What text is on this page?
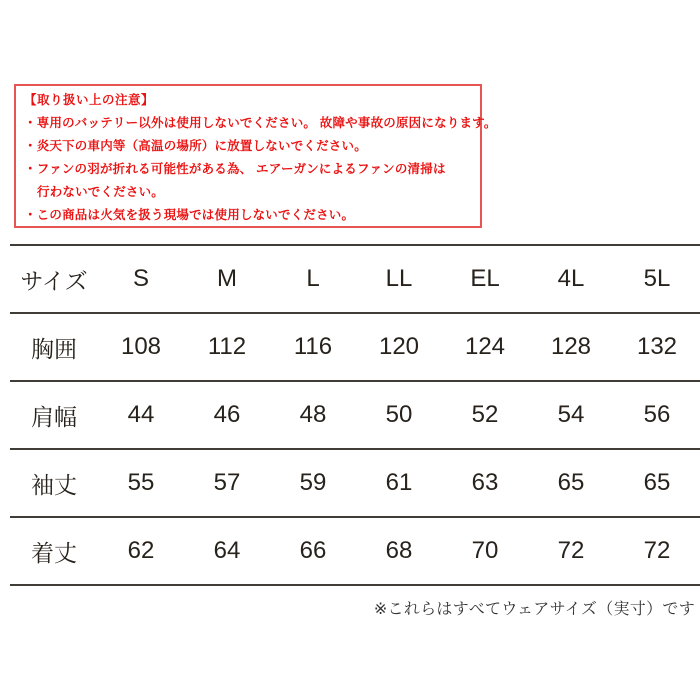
【取り扱い上の注意】
・専用のバッテリー以外は使用しないでください。 故障や事故の原因になります。
・炎天下の車内等（高温の場所）に放置しないでください。
・ファンの羽が折れる可能性がある為、 エアーガンによるファンの清掃は
行わないでください。
・この商品は火気を扱う現場では使用しないでください。
サイズ	S	M	L	LL	EL	4L	5L
胸囲	108	112	116	120	124	128	132
肩幅	44	46	48	50	52	54	56
袖丈	55	57	59	61	63	65	65
着丈	62	64	66	68	70	72	72
※これらはすべてウェアサイズ（実寸）です
